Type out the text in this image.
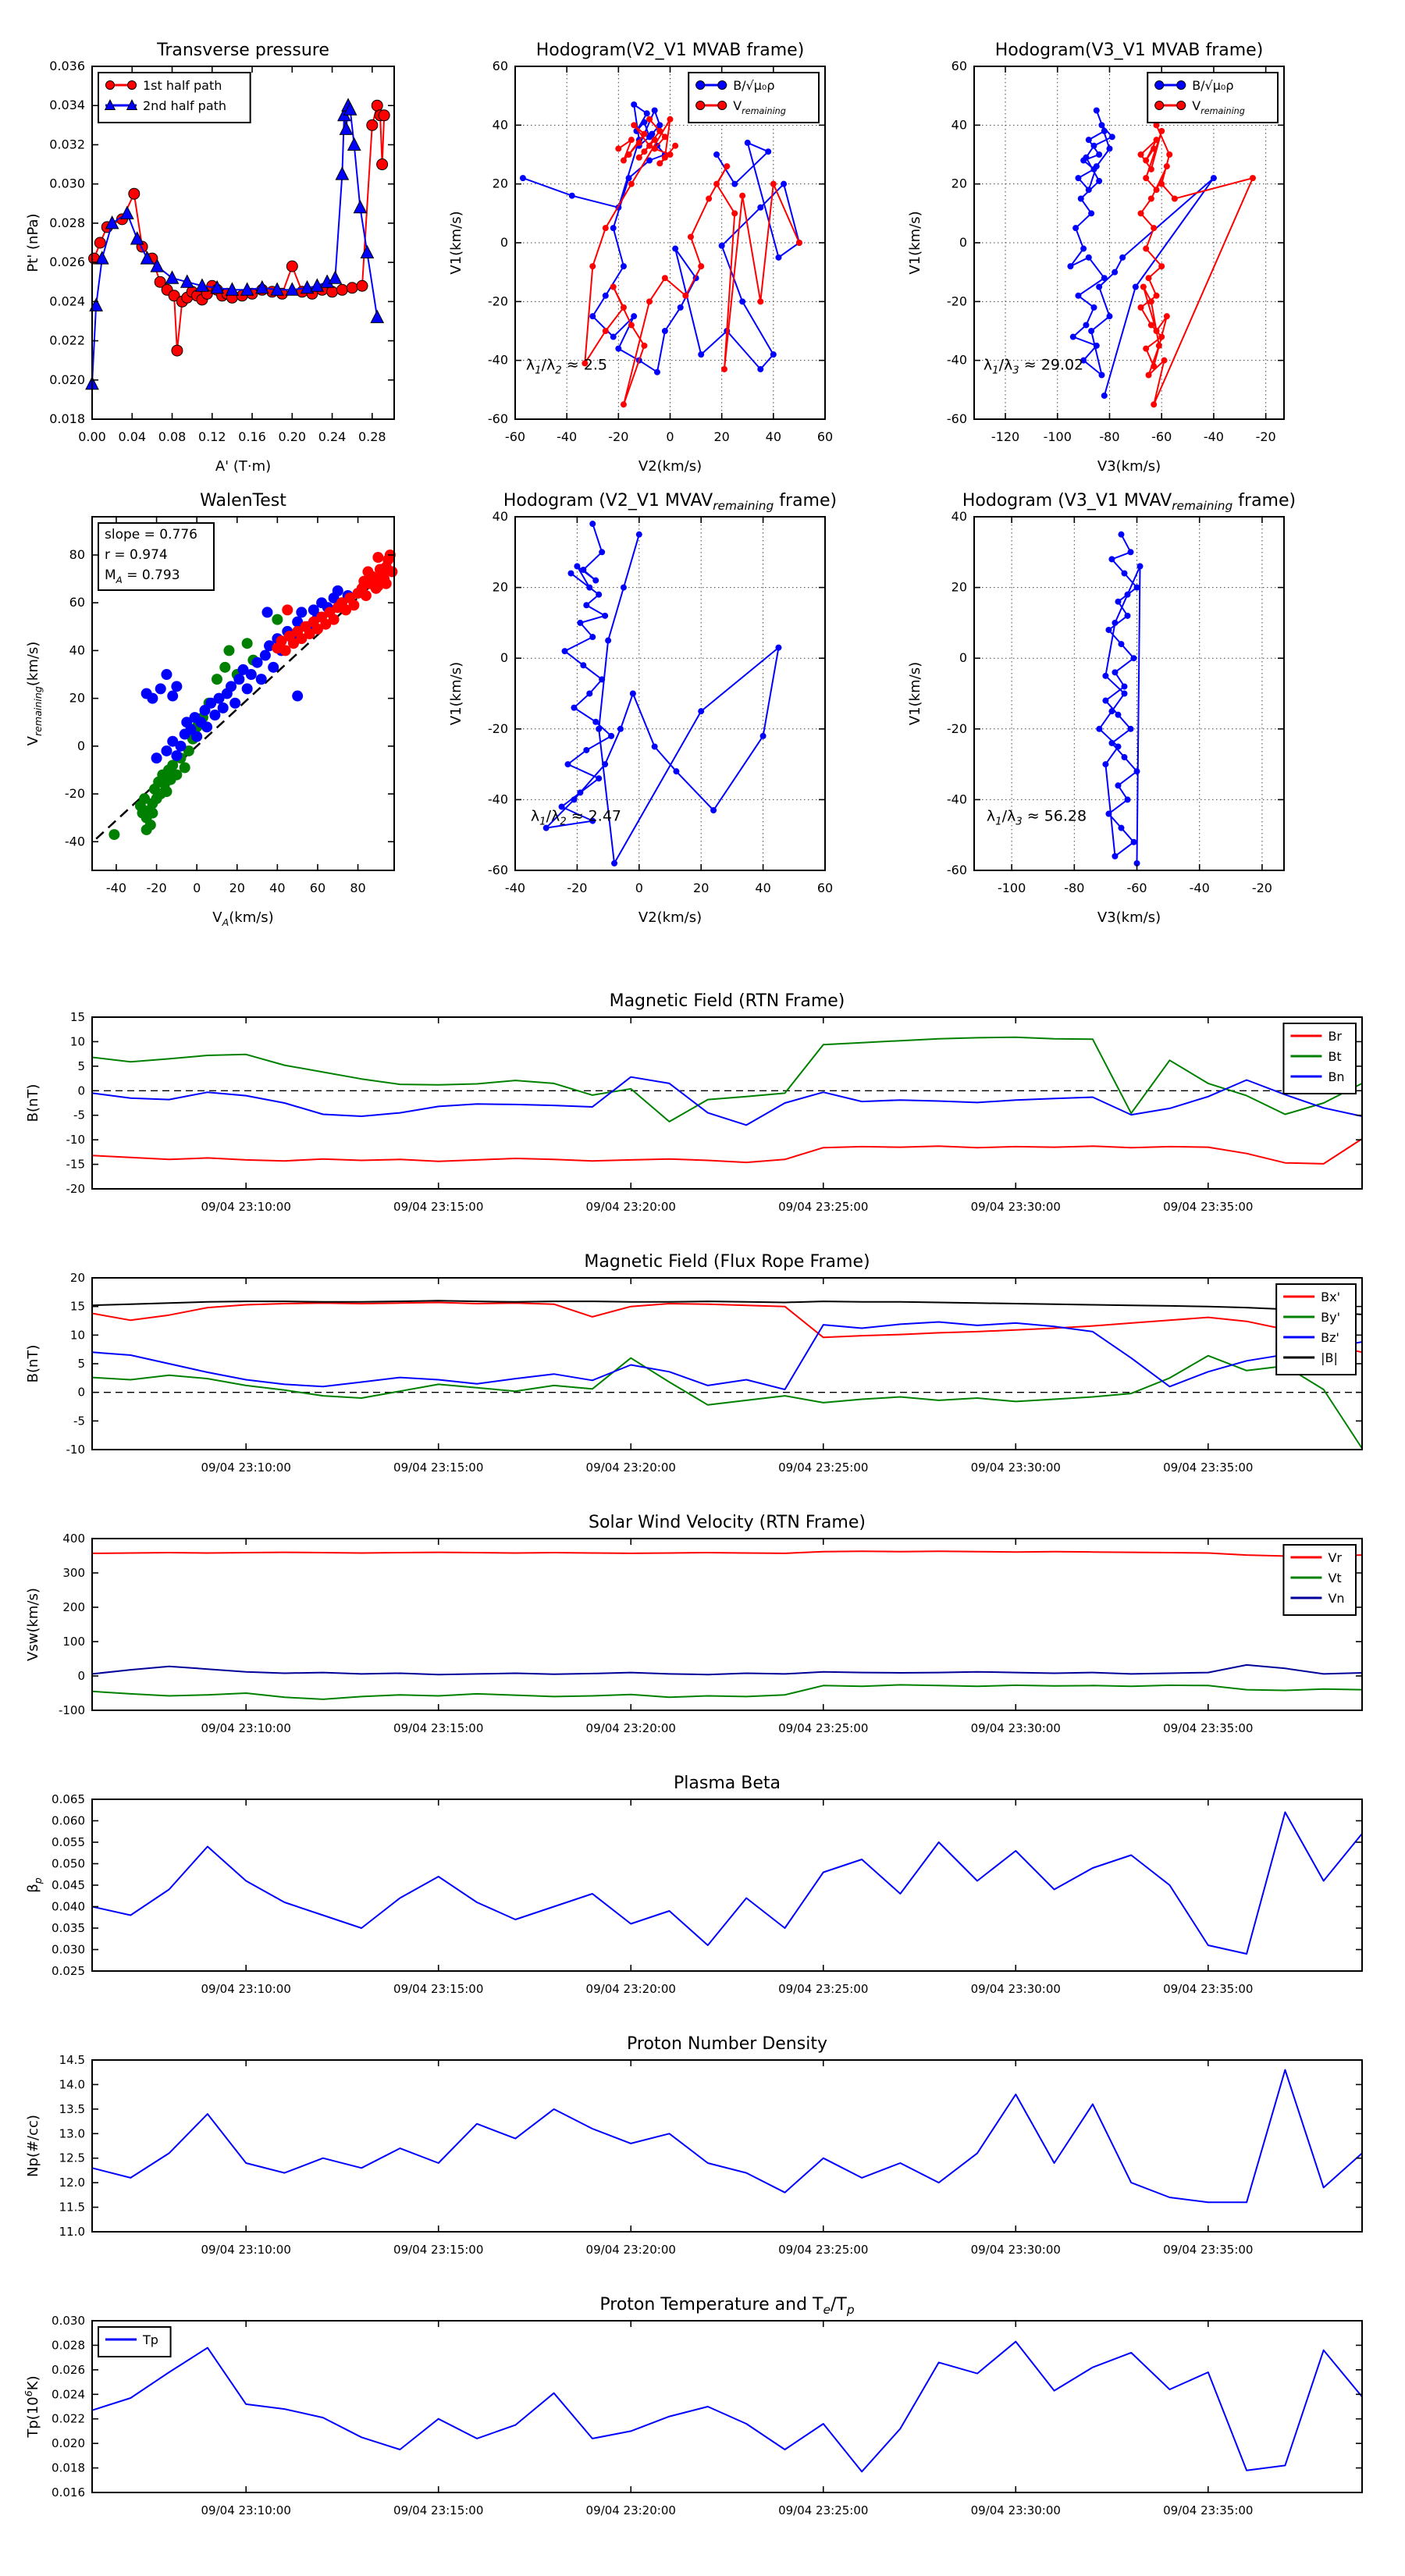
0.00 0.04 0.08 0.12 0.16 0.20 0.24 0.28
0.018
0.020
0.022
0.024
0.026
0.028
0.030
0.032
0.034
0.036
Transverse pressure
A' (T·m)
Pt' (nPa)
1st half path
2nd half path
-60	-40	-20	0	20	40	60
-60
-40
-20
0
20
40
60
Hodogram(V2_V1 MVAB frame)
V2(km/s)
V1(km/s)
$\lambda_1/\lambda_2 \approx 2.5$
B/√μ₀ρ
$V_{remaining}$
-120 -100 -80	-60	-40	-20
-60
-40
-20
0
20
40
60
Hodogram(V3_V1 MVAB frame)
V3(km/s)
V1(km/s)
$\lambda_1/\lambda_3 \approx 29.02$
B/√μ₀ρ
$V_{remaining}$
-40 -20 0 20 40 60 80
-40
-20
0
20
40
60
80
WalenTest
$V_A(km/s)$
$V_{remaining}(km/s)$
slope = 0.776
r = 0.974
$M_A = 0.793$
-40	-20	0	20	40	60
-60
-40
-20
0
20
40
Hodogram (V2_V1 $MVAV_{remaining}$ frame)
V2(km/s)
V1(km/s)
$\lambda_1/\lambda_2 \approx 2.47$
-100	-80	-60	-40	-20
-60
-40
-20
0
20
40
Hodogram (V3_V1 $MVAV_{remaining}$ frame)
V3(km/s)
V1(km/s)
$\lambda_1/\lambda_3 \approx 56.28$
09/04 23:10:00	09/04 23:15:00	09/04 23:20:00	09/04 23:25:00	09/04 23:30:00	09/04 23:35:00
-20
-15
-10
-5
0
5
10
15
Magnetic Field (RTN Frame)
B(nT)
Br
Bt
Bn
09/04 23:10:00	09/04 23:15:00	09/04 23:20:00	09/04 23:25:00	09/04 23:30:00	09/04 23:35:00
-10
-5
0
5
10
15
20
Magnetic Field (Flux Rope Frame)
B(nT)
Bx'
By'
Bz'
|B|
09/04 23:10:00	09/04 23:15:00	09/04 23:20:00	09/04 23:25:00	09/04 23:30:00	09/04 23:35:00
-100
0
100
200
300
400
Solar Wind Velocity (RTN Frame)
Vsw(km/s)
Vr
Vt
Vn
09/04 23:10:00	09/04 23:15:00	09/04 23:20:00	09/04 23:25:00	09/04 23:30:00	09/04 23:35:00
0.025
0.030
0.035
0.040
0.045
0.050
0.055
0.060
0.065
Plasma Beta
$\beta_p$
09/04 23:10:00	09/04 23:15:00	09/04 23:20:00	09/04 23:25:00	09/04 23:30:00	09/04 23:35:00
11.0
11.5
12.0
12.5
13.0
13.5
14.0
14.5
Proton Number Density
Np(#/cc)
09/04 23:10:00	09/04 23:15:00	09/04 23:20:00	09/04 23:25:00	09/04 23:30:00	09/04 23:35:00
0.016
0.018
0.020
0.022
0.024
0.026
0.028
0.030
Proton Temperature and $T_e/T_p$
$Tp(10^6K)$
Tp
